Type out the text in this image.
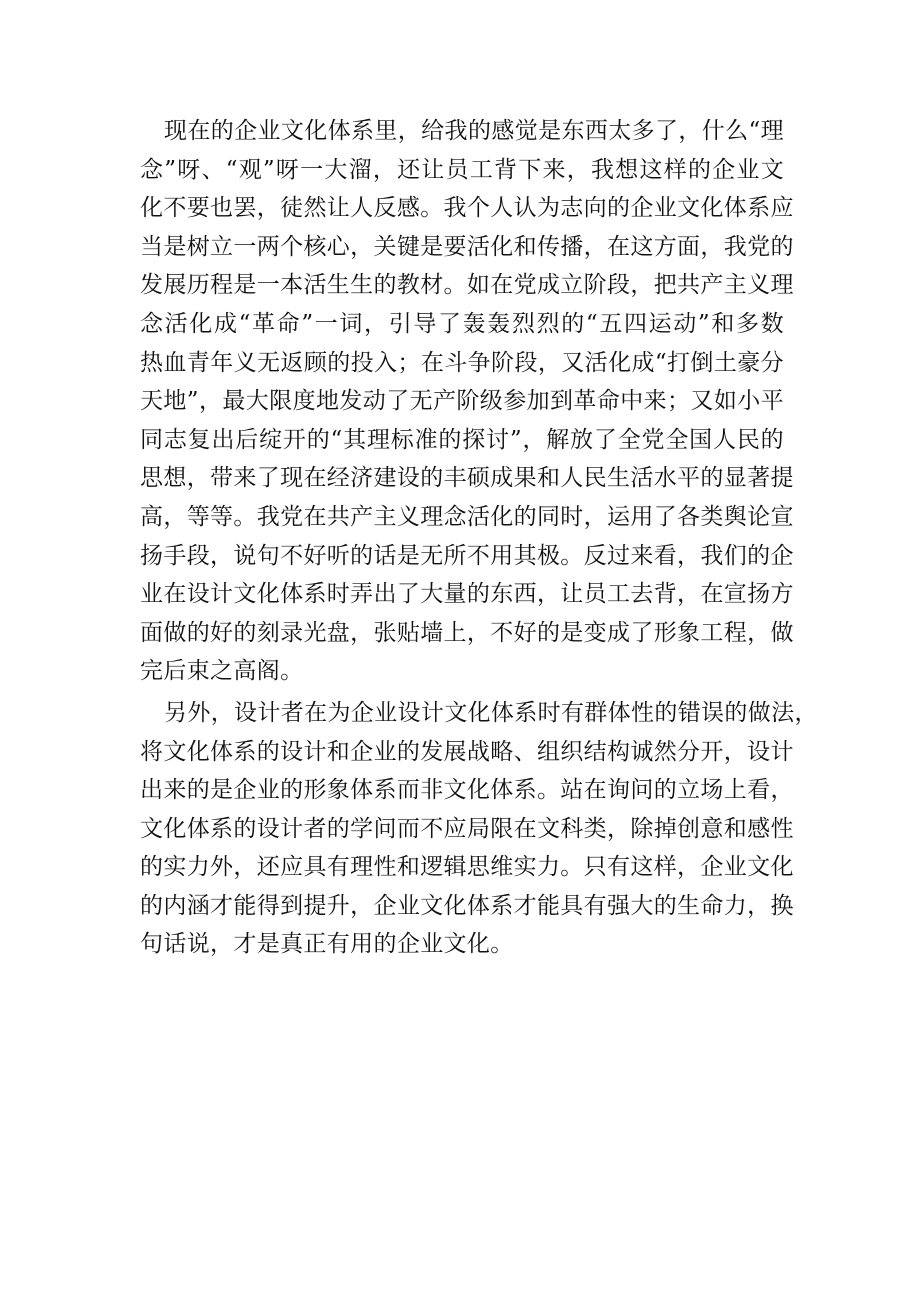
现在的企业文化体系里，给我的感觉是东西太多了，什么“理
念”呀、“观”呀一大溜，还让员工背下来，我想这样的企业文
化不要也罢，徒然让人反感。我个人认为志向的企业文化体系应
当是树立一两个核心，关键是要活化和传播，在这方面，我党的
发展历程是一本活生生的教材。如在党成立阶段，把共产主义理
念活化成“革命”一词，引导了轰轰烈烈的“五四运动”和多数
热血青年义无返顾的投入；在斗争阶段，又活化成“打倒土豪分
天地”，最大限度地发动了无产阶级参加到革命中来；又如小平
同志复出后绽开的“其理标准的探讨”，解放了全党全国人民的
思想，带来了现在经济建设的丰硕成果和人民生活水平的显著提
高，等等。我党在共产主义理念活化的同时，运用了各类舆论宣
扬手段，说句不好听的话是无所不用其极。反过来看，我们的企
业在设计文化体系时弄出了大量的东西，让员工去背，在宣扬方
面做的好的刻录光盘，张贴墙上，不好的是变成了形象工程，做
完后束之高阁。
另外，设计者在为企业设计文化体系时有群体性的错误的做法，
将文化体系的设计和企业的发展战略、组织结构诚然分开，设计
出来的是企业的形象体系而非文化体系。站在询问的立场上看，
文化体系的设计者的学问而不应局限在文科类，除掉创意和感性
的实力外，还应具有理性和逻辑思维实力。只有这样，企业文化
的内涵才能得到提升，企业文化体系才能具有强大的生命力，换
句话说，才是真正有用的企业文化。
